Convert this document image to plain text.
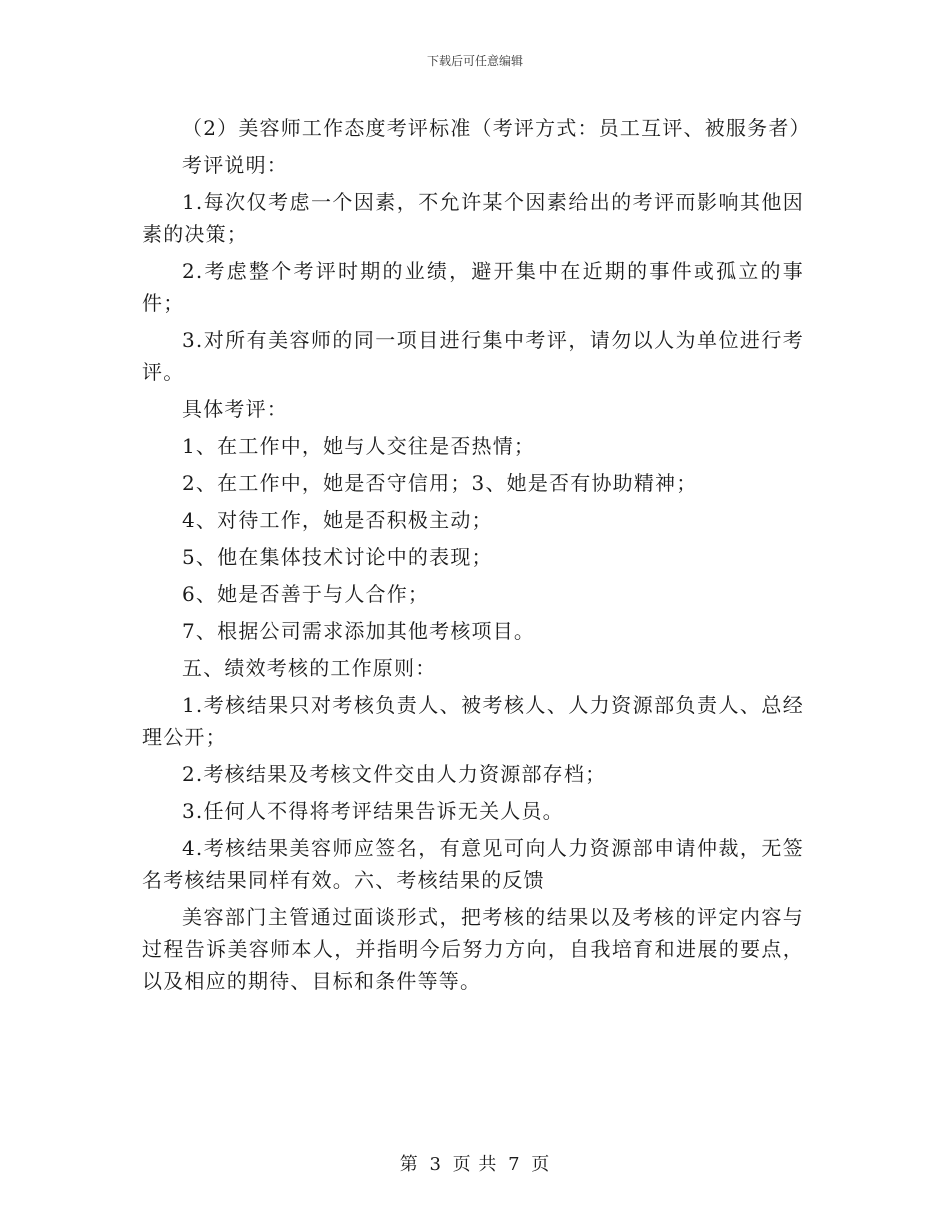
下载后可任意编辑

（2）美容师工作态度考评标准（考评方式：员工互评、被服务者）

考评说明：

1.每次仅考虑一个因素，不允许某个因素给出的考评而影响其他因素的决策；

2.考虑整个考评时期的业绩，避开集中在近期的事件或孤立的事件；

3.对所有美容师的同一项目进行集中考评，请勿以人为单位进行考评。

具体考评：

1、在工作中，她与人交往是否热情；

2、在工作中，她是否守信用；3、她是否有协助精神；

4、对待工作，她是否积极主动；

5、他在集体技术讨论中的表现；

6、她是否善于与人合作；

7、根据公司需求添加其他考核项目。

五、绩效考核的工作原则：

1.考核结果只对考核负责人、被考核人、人力资源部负责人、总经理公开；

2.考核结果及考核文件交由人力资源部存档；

3.任何人不得将考评结果告诉无关人员。

4.考核结果美容师应签名，有意见可向人力资源部申请仲裁，无签名考核结果同样有效。六、考核结果的反馈

美容部门主管通过面谈形式，把考核的结果以及考核的评定内容与过程告诉美容师本人，并指明今后努力方向，自我培育和进展的要点，以及相应的期待、目标和条件等等。

第 3 页 共 7 页
